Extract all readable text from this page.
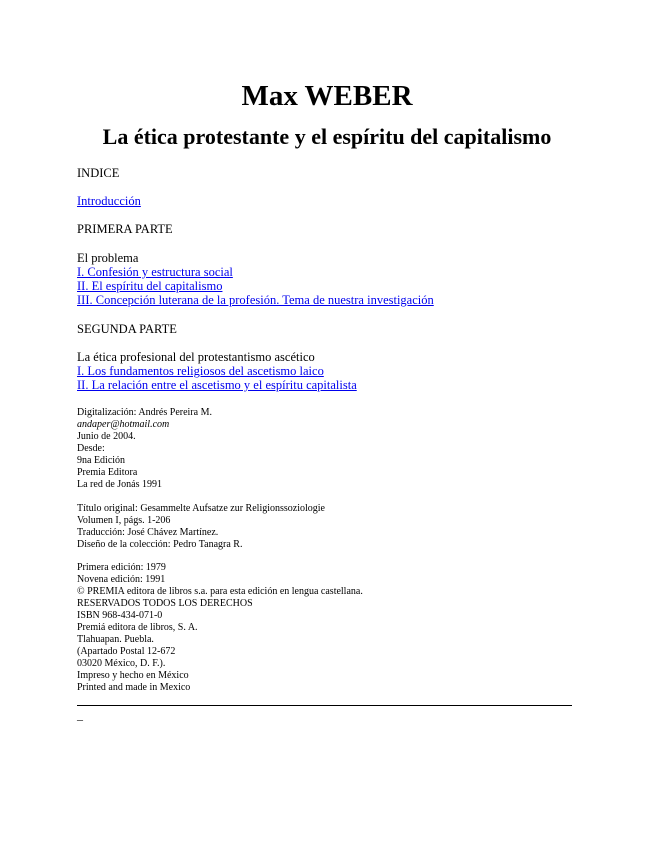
Max WEBER
La ética protestante y el espíritu del capitalismo
INDICE
Introducción
PRIMERA PARTE
El problema
I. Confesión y estructura social
II. El espíritu del capitalismo
III. Concepción luterana de la profesión. Tema de nuestra investigación
SEGUNDA PARTE
La ética profesional del protestantismo ascético
I. Los fundamentos religiosos del ascetismo laico
II. La relación entre el ascetismo y el espíritu capitalista
Digitalización: Andrés Pereira M.
andaper@hotmail.com
Junio de 2004.
Desde:
9na Edición
Premia Editora
La red de Jonás 1991
Título original: Gesammelte Aufsatze zur Religionssoziologie
Volumen I, págs. 1-206
Traducción: José Chávez Martínez.
Diseño de la colección: Pedro Tanagra R.
Primera edición: 1979
Novena edición: 1991
© PREMIA editora de libros s.a. para esta edición en lengua castellana.
RESERVADOS TODOS LOS DERECHOS
ISBN 968-434-071-0
Premiá editora de libros, S. A.
Tlahuapan. Puebla.
(Apartado Postal 12-672
03020 México, D. F.).
Impreso y hecho en México
Printed and made in Mexico
–
